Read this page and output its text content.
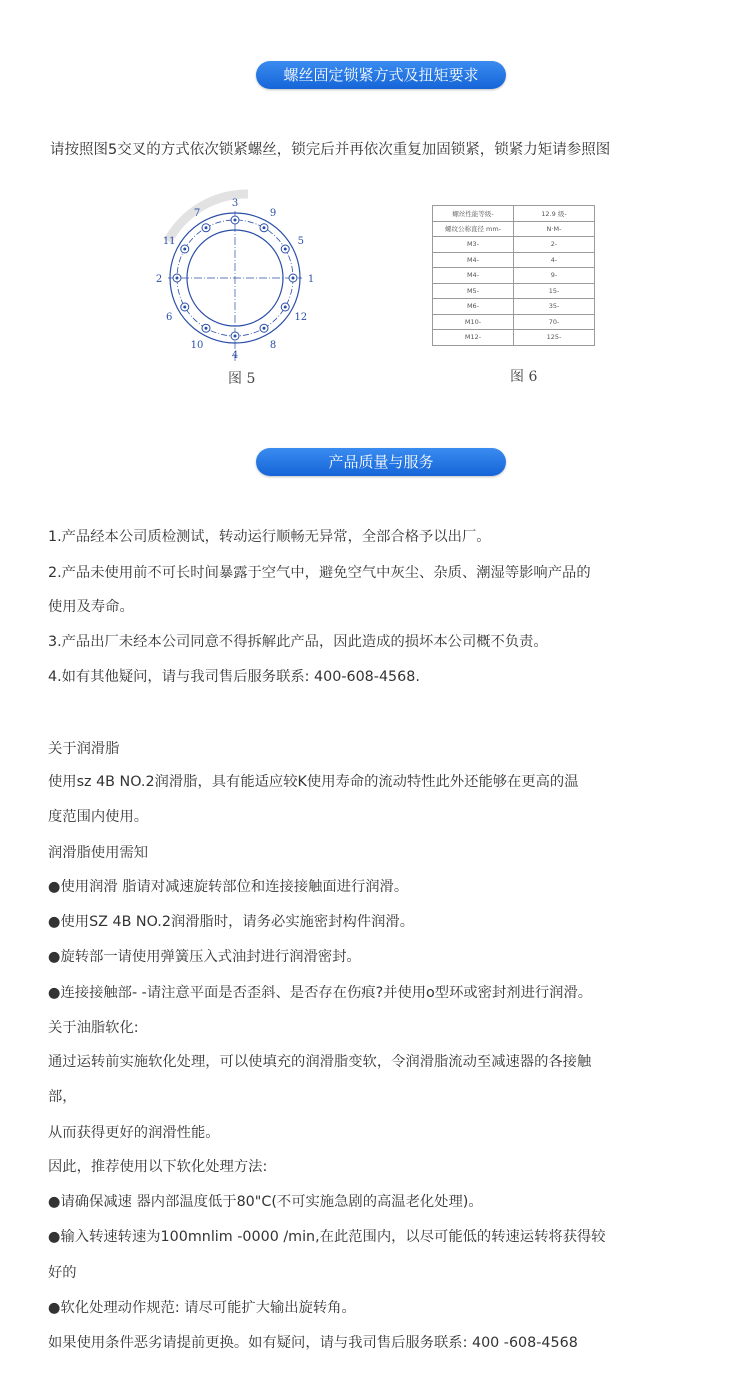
螺丝固定锁紧方式及扭矩要求
请按照图5交叉的方式依次锁紧螺丝，锁完后并再依次重复加固锁紧，锁紧力矩请参照图
3
7	9
11	5
2	1
6	12
10	8
4
图 5
螺丝性能等级-	12.9 级-
螺纹公称直径 mm-	N·M-
M3-	2-
M4-	4-
M4-	9-
M5-	15-
M6-	35-
M10-	70-
M12-	125-
图 6
产品质量与服务
1.产品经本公司质检测试，转动运行顺畅无异常，全部合格予以出厂。
2.产品未使用前不可长时间暴露于空气中，避免空气中灰尘、杂质、潮湿等影响产品的
使用及寿命。
3.产品出厂未经本公司同意不得拆解此产品，因此造成的损坏本公司概不负责。
4.如有其他疑问，请与我司售后服务联系: 400-608-4568.
关于润滑脂
使用sz 4B NO.2润滑脂，具有能适应较K使用寿命的流动特性此外还能够在更高的温
度范围内使用。
润滑脂使用需知
●使用润滑 脂请对减速旋转部位和连接接触面进行润滑。
●使用SZ 4B NO.2润滑脂时，请务必实施密封构件润滑。
●旋转部一请使用弹簧压入式油封进行润滑密封。
●连接接触部- -请注意平面是否歪斜、是否存在伤痕?并使用o型环或密封剂进行润滑。
关于油脂软化:
通过运转前实施软化处理，可以使填充的润滑脂变软，令润滑脂流动至减速器的各接触
部，
从而获得更好的润滑性能。
因此，推荐使用以下软化处理方法:
●请确保减速 器内部温度低于80"C(不可实施急剧的高温老化处理)。
●输入转速转速为100mnlim -0000 /min,在此范围内，以尽可能低的转速运转将获得较
好的
●软化处理动作规范: 请尽可能扩大输出旋转角。
如果使用条件恶劣请提前更换。如有疑问，请与我司售后服务联系: 400 -608-4568
